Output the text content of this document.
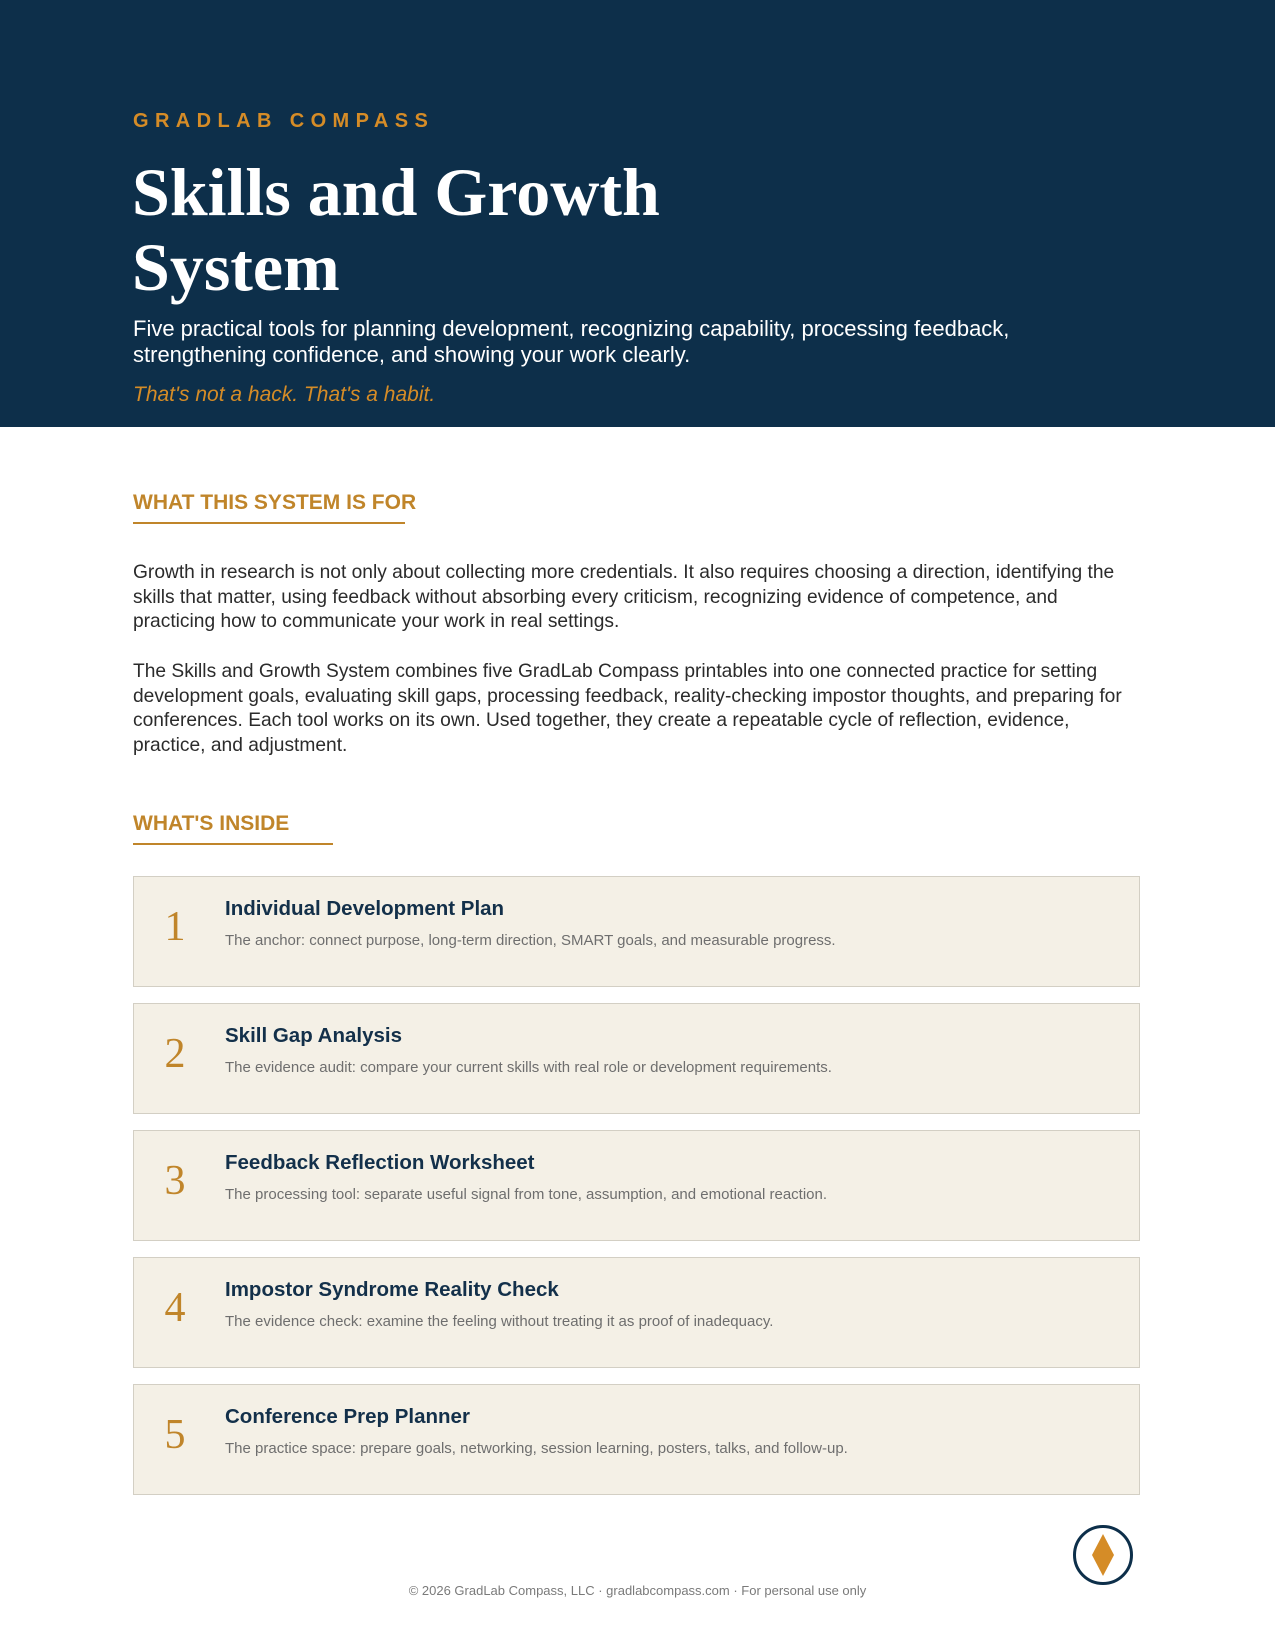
GRADLAB COMPASS
Skills and Growth System

Five practical tools for planning development, recognizing capability, processing feedback, strengthening confidence, and showing your work clearly.

That's not a hack. That's a habit.

WHAT THIS SYSTEM IS FOR

Growth in research is not only about collecting more credentials. It also requires choosing a direction, identifying the skills that matter, using feedback without absorbing every criticism, recognizing evidence of competence, and practicing how to communicate your work in real settings.

The Skills and Growth System combines five GradLab Compass printables into one connected practice for setting development goals, evaluating skill gaps, processing feedback, reality-checking impostor thoughts, and preparing for conferences. Each tool works on its own. Used together, they create a repeatable cycle of reflection, evidence, practice, and adjustment.

WHAT'S INSIDE
1	Individual Development Plan

The anchor: connect purpose, long-term direction, SMART goals, and measurable progress.

2	Skill Gap Analysis

The evidence audit: compare your current skills with real role or development requirements.

3	Feedback Reflection Worksheet

The processing tool: separate useful signal from tone, assumption, and emotional reaction.

4	Impostor Syndrome Reality Check

The evidence check: examine the feeling without treating it as proof of inadequacy.

5	Conference Prep Planner

The practice space: prepare goals, networking, session learning, posters, talks, and follow-up.

© 2026 GradLab Compass, LLC · gradlabcompass.com · For personal use only
